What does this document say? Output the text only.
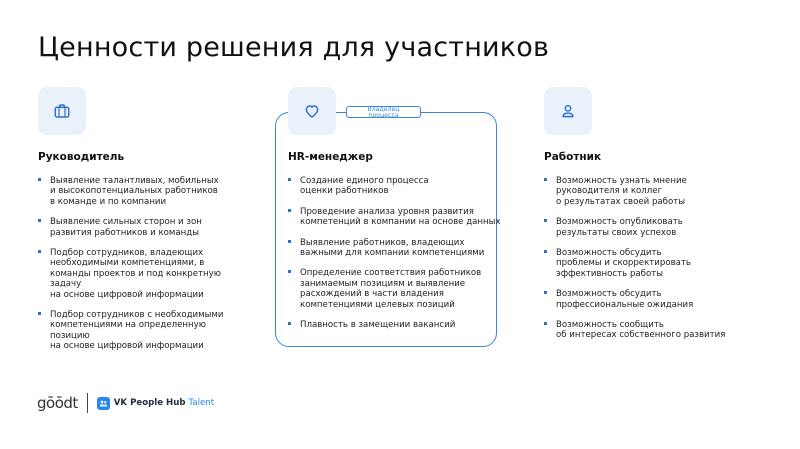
Ценности решения для участников
Руководитель
Выявление талантливых, мобильных
и высокопотенциальных работников
в команде и по компании
Выявление сильных сторон и зон
развития работников и команды
Подбор сотрудников, владеющих
необходимыми компетенциями, в
команды проектов и под конкретную
задачу
на основе цифровой информации
Подбор сотрудников с необходимыми
компетенциями на определенную
позицию
на основе цифровой информации
Владелец
процесса
HR-менеджер
Создание единого процесса
оценки работников
Проведение анализа уровня развития
компетенций в компании на основе данных
Выявление работников, владеющих
важными для компании компетенциями
Определение соответствия работников
занимаемым позициям и выявление
расхождений в части владения
компетенциями целевых позиций
Плавность в замещении вакансий
Работник
Возможность узнать мнение
руководителя и коллег
о результатах своей работы
Возможность опубликовать
результаты своих успехов
Возможность обсудить
проблемы и скорректировать
эффективность работы
Возможность обсудить
профессиональные ожидания
Возможность сообщить
об интересах собственного развития
gōōdt	VK People Hub Talent
